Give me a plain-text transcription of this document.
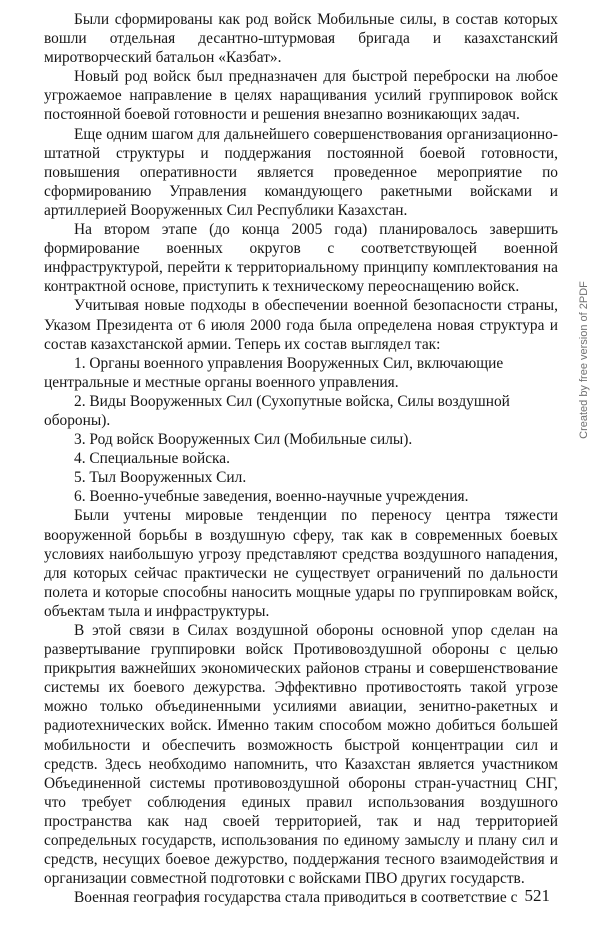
Были сформированы как род войск Мобильные силы, в состав которых вошли отдельная десантно-штурмовая бригада и казахстанский миротворческий батальон «Казбат».

Новый род войск был предназначен для быстрой переброски на любое угрожаемое направление в целях наращивания усилий группировок войск постоянной боевой готовности и решения внезапно возникающих задач.

Еще одним шагом для дальнейшего совершенствования организационно-штатной структуры и поддержания постоянной боевой готовности, повышения оперативности является проведенное мероприятие по сформированию Управления командующего ракетными войсками и артиллерией Вооруженных Сил Республики Казахстан.

На втором этапе (до конца 2005 года) планировалось завершить формирование военных округов с соответствующей военной инфраструктурой, перейти к территориальному принципу комплектования на контрактной основе, приступить к техническому переоснащению войск.

Учитывая новые подходы в обеспечении военной безопасности страны, Указом Президента от 6 июля 2000 года была определена новая структура и состав казахстанской армии. Теперь их состав выглядел так:

1. Органы военного управления Вооруженных Сил, включающие центральные и местные органы военного управления.

2. Виды Вооруженных Сил (Сухопутные войска, Силы воздушной обороны).

3. Род войск Вооруженных Сил (Мобильные силы).

4. Специальные войска.

5. Тыл Вооруженных Сил.

6. Военно-учебные заведения, военно-научные учреждения.

Были учтены мировые тенденции по переносу центра тяжести вооруженной борьбы в воздушную сферу, так как в современных боевых условиях наибольшую угрозу представляют средства воздушного нападения, для которых сейчас практически не существует ограничений по дальности полета и которые способны наносить мощные удары по группировкам войск, объектам тыла и инфраструктуры.

В этой связи в Силах воздушной обороны основной упор сделан на развертывание группировки войск Противовоздушной обороны с целью прикрытия важнейших экономических районов страны и совершенствование системы их боевого дежурства. Эффективно противостоять такой угрозе можно только объединенными усилиями авиации, зенитно-ракетных и радиотехнических войск. Именно таким способом можно добиться большей мобильности и обеспечить возможность быстрой концентрации сил и средств. Здесь необходимо напомнить, что Казахстан является участником Объединенной системы противовоздушной обороны стран-участниц СНГ, что требует соблюдения единых правил использования воздушного пространства как над своей территорией, так и над территорией сопредельных государств, использования по единому замыслу и плану сил и средств, несущих боевое дежурство, поддержания тесного взаимодействия и организации совместной подготовки с войсками ПВО других государств.

Военная география государства стала приводиться в соответствие с 521
Created by free version of 2PDF
